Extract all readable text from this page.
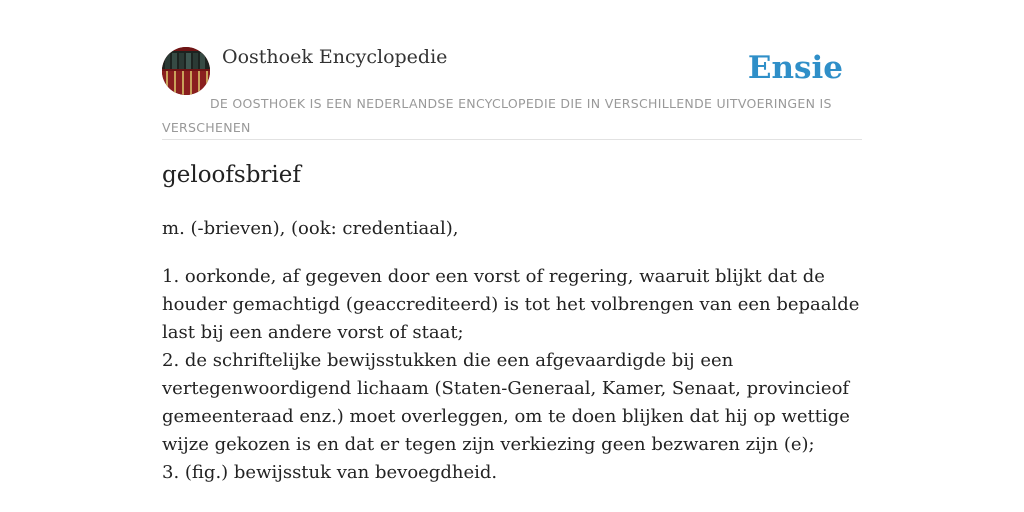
Oosthoek Encyclopedie	Ensie
DE OOSTHOEK IS EEN NEDERLANDSE ENCYCLOPEDIE DIE IN VERSCHILLENDE UITVOERINGEN IS VERSCHENEN
geloofsbrief
m. (-brieven), (ook: credentiaal),
1. oorkonde, af gegeven door een vorst of regering, waaruit blijkt dat de houder gemachtigd (geaccrediteerd) is tot het volbrengen van een bepaalde last bij een andere vorst of staat;
2. de schriftelijke bewijsstukken die een afgevaardigde bij een vertegenwoordigend lichaam (Staten-Generaal, Kamer, Senaat, provincieof gemeenteraad enz.) moet overleggen, om te doen blijken dat hij op wettige wijze gekozen is en dat er tegen zijn verkiezing geen bezwaren zijn (e);
3. (fig.) bewijsstuk van bevoegdheid.
